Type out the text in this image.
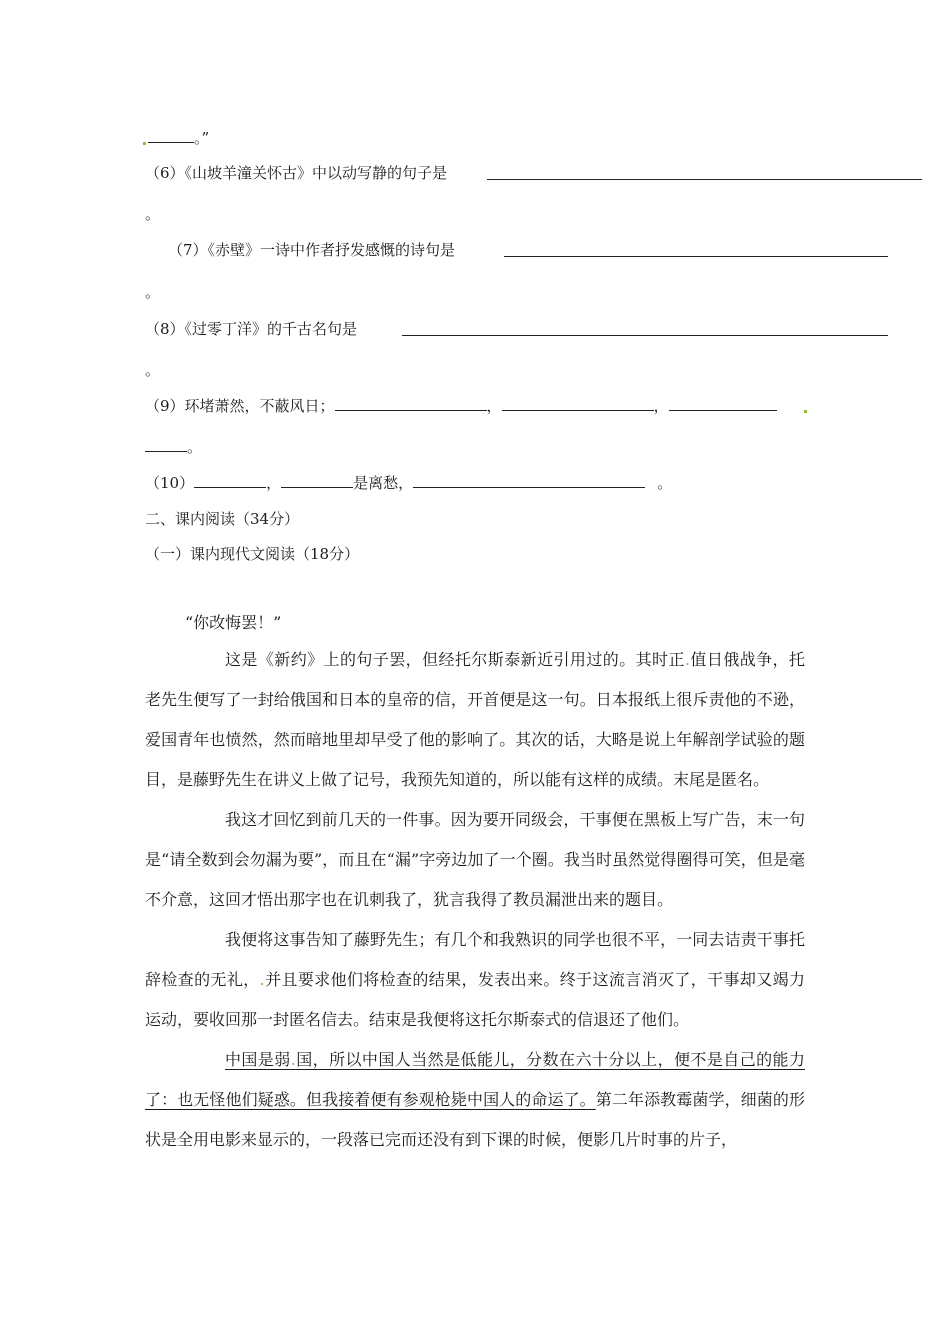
。”
（6）《山坡羊潼关怀古》中以动写静的句子是
。
（7）《赤壁》一诗中作者抒发感慨的诗句是
。
（8）《过零丁洋》的千古名句是
。
（9）环堵萧然，不蔽风日；	，	，
。
（10）	，	是离愁，	。
二、课内阅读（34分）
（一）课内现代文阅读（18分）
“你改悔罢！”

这是《新约》上的句子罢，但经托尔斯泰新近引用过的。其时正.值日俄战争，托老先生便写了一封给俄国和日本的皇帝的信，开首便是这一句。日本报纸上很斥责他的不逊，爱国青年也愤然，然而暗地里却早受了他的影响了。其次的话，大略是说上年解剖学试验的题目，是藤野先生在讲义上做了记号，我预先知道的，所以能有这样的成绩。末尾是匿名。

我这才回忆到前几天的一件事。因为要开同级会，干事便在黑板上写广告，末一句是“请全数到会勿漏为要”，而且在“漏”字旁边加了一个圈。我当时虽然觉得圈得可笑，但是毫不介意，这回才悟出那字也在讥刺我了，犹言我得了教员漏泄出来的题目。

我便将这事告知了藤野先生；有几个和我熟识的同学也很不平，一同去诘责干事托辞检查的无礼，.并且要求他们将检查的结果，发表出来。终于这流言消灭了，干事却又竭力运动，要收回那一封匿名信去。结束是我便将这托尔斯泰式的信退还了他们。

中国是弱.国，所以中国人当然是低能儿，分数在六十分以上，便不是自己的能力了：也无怪他们疑惑。但我接着便有参观枪毙中国人的命运了。第二年添教霉菌学，细菌的形状是全用电影来显示的，一段落已完而还没有到下课的时候，便影几片时事的片子，
